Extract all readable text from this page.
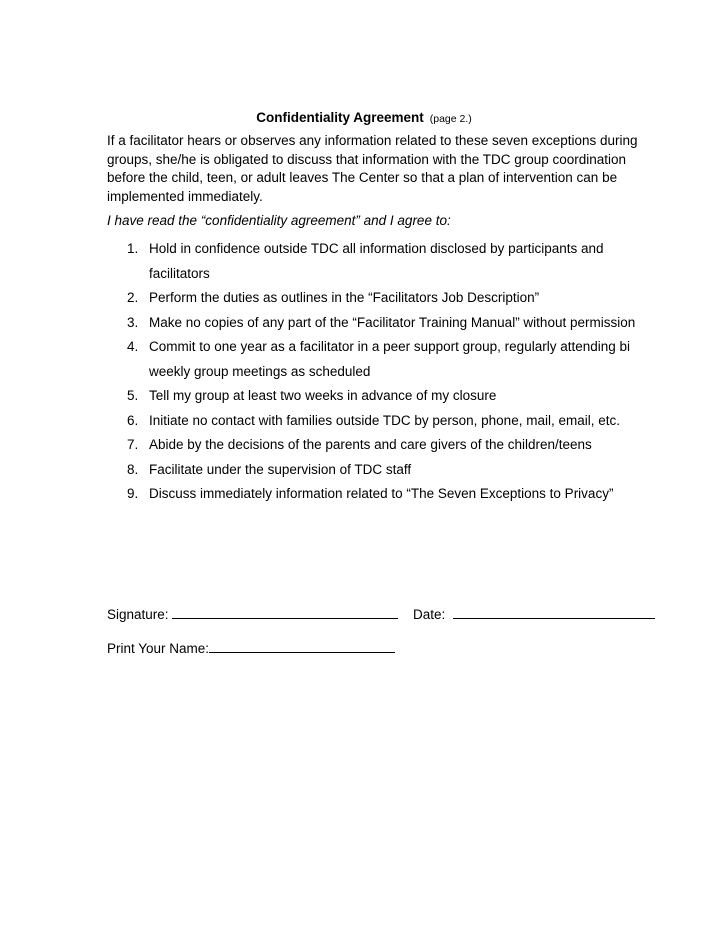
Confidentiality Agreement (page 2.)
If a facilitator hears or observes any information related to these seven exceptions during groups, she/he is obligated to discuss that information with the TDC group coordination before the child, teen, or adult leaves The Center so that a plan of intervention can be implemented immediately.
I have read the “confidentiality agreement” and I agree to:
1. Hold in confidence outside TDC all information disclosed by participants and facilitators
2. Perform the duties as outlines in the “Facilitators Job Description”
3. Make no copies of any part of the “Facilitator Training Manual” without permission
4. Commit to one year as a facilitator in a peer support group, regularly attending bi weekly group meetings as scheduled
5. Tell my group at least two weeks in advance of my closure
6. Initiate no contact with families outside TDC by person, phone, mail, email, etc.
7. Abide by the decisions of the parents and care givers of the children/teens
8. Facilitate under the supervision of TDC staff
9. Discuss immediately information related to “The Seven Exceptions to Privacy”
Signature:	Date:
Print Your Name:
